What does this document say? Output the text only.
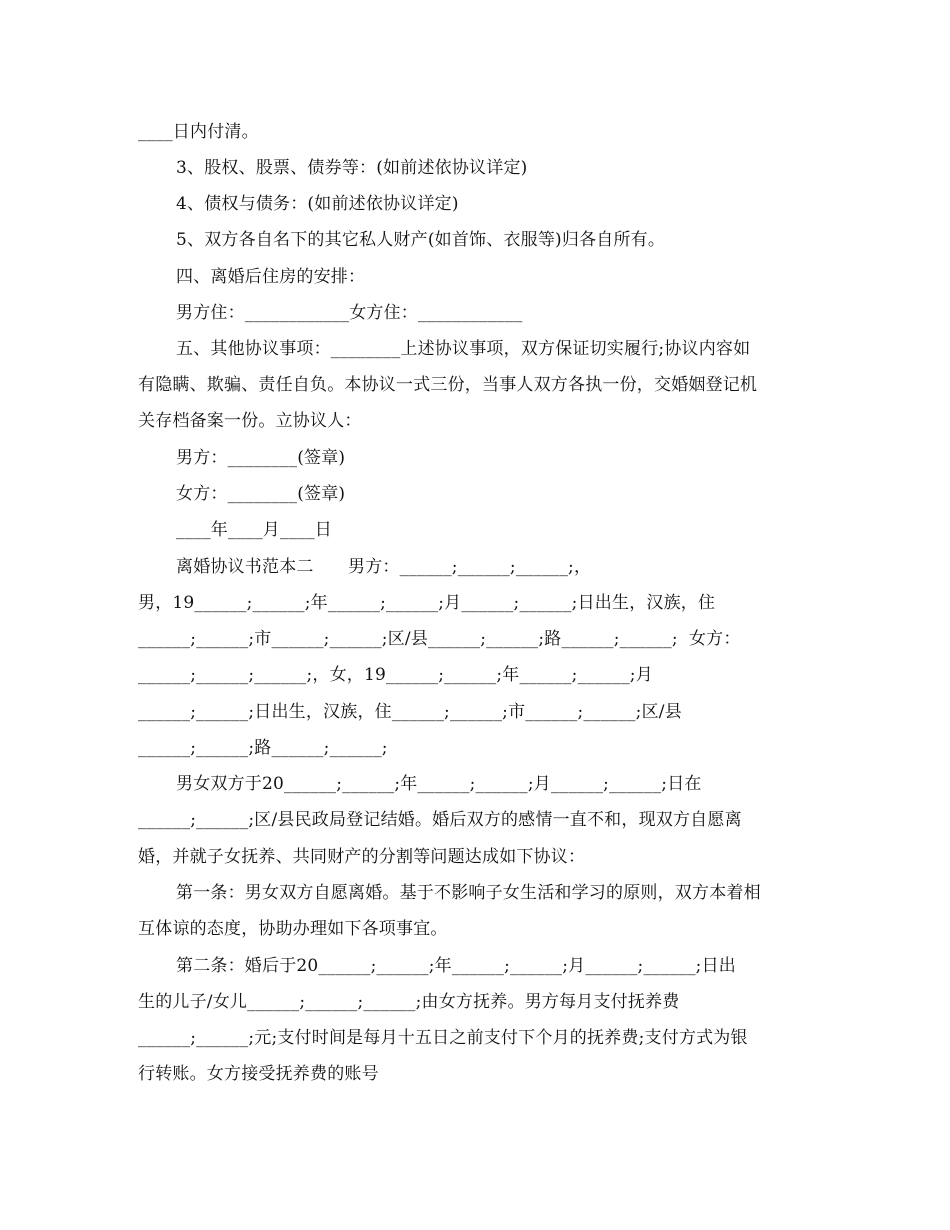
____日内付清。
3、股权、股票、债券等：(如前述依协议详定)
4、债权与债务：(如前述依协议详定)
5、双方各自名下的其它私人财产(如首饰、衣服等)归各自所有。
四、离婚后住房的安排：
男方住：____________女方住：____________
五、其他协议事项：________上述协议事项，双方保证切实履行;协议内容如
有隐瞒、欺骗、责任自负。本协议一式三份，当事人双方各执一份，交婚姻登记机
关存档备案一份。立协议人：
男方：________(签章)
女方：________(签章)
____年____月____日
离婚协议书范本二　　男方：______;______;______;，
男，19______;______;年______;______;月______;______;日出生，汉族，住
______;______;市______;______;区/县______;______;路______;______;  女方：
______;______;______;，女，19______;______;年______;______;月
______;______;日出生，汉族，住______;______;市______;______;区/县
______;______;路______;______;
男女双方于20______;______;年______;______;月______;______;日在
______;______;区/县民政局登记结婚。婚后双方的感情一直不和，现双方自愿离
婚，并就子女抚养、共同财产的分割等问题达成如下协议：
第一条：男女双方自愿离婚。基于不影响子女生活和学习的原则，双方本着相
互体谅的态度，协助办理如下各项事宜。
第二条：婚后于20______;______;年______;______;月______;______;日出
生的儿子/女儿______;______;______;由女方抚养。男方每月支付抚养费
______;______;元;支付时间是每月十五日之前支付下个月的抚养费;支付方式为银
行转账。女方接受抚养费的账号
